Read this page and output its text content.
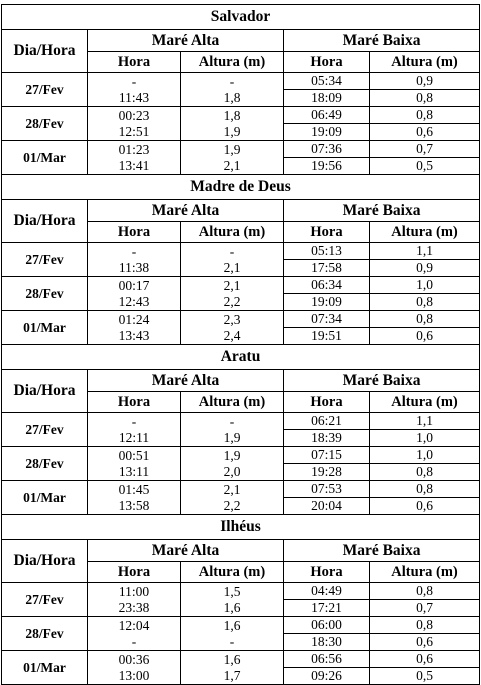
Salvador				
Dia/Hora	Maré Alta		Maré Baixa	
	Hora	Altura (m)	Hora	Altura (m)
27/Fev	-	-	05:34	0,9
	11:43	1,8	18:09	0,8
28/Fev	00:23	1,8	06:49	0,8
	12:51	1,9	19:09	0,6
01/Mar	01:23	1,9	07:36	0,7
	13:41	2,1	19:56	0,5
Madre de Deus				
Dia/Hora	Maré Alta		Maré Baixa	
	Hora	Altura (m)	Hora	Altura (m)
27/Fev	-	-	05:13	1,1
	11:38	2,1	17:58	0,9
28/Fev	00:17	2,1	06:34	1,0
	12:43	2,2	19:09	0,8
01/Mar	01:24	2,3	07:34	0,8
	13:43	2,4	19:51	0,6
Aratu				
Dia/Hora	Maré Alta		Maré Baixa	
	Hora	Altura (m)	Hora	Altura (m)
27/Fev	-	-	06:21	1,1
	12:11	1,9	18:39	1,0
28/Fev	00:51	1,9	07:15	1,0
	13:11	2,0	19:28	0,8
01/Mar	01:45	2,1	07:53	0,8
	13:58	2,2	20:04	0,6
Ilhéus				
Dia/Hora	Maré Alta		Maré Baixa	
	Hora	Altura (m)	Hora	Altura (m)
27/Fev	11:00	1,5	04:49	0,8
	23:38	1,6	17:21	0,7
28/Fev	12:04	1,6	06:00	0,8
	-	-	18:30	0,6
01/Mar	00:36	1,6	06:56	0,6
	13:00	1,7	09:26	0,5
